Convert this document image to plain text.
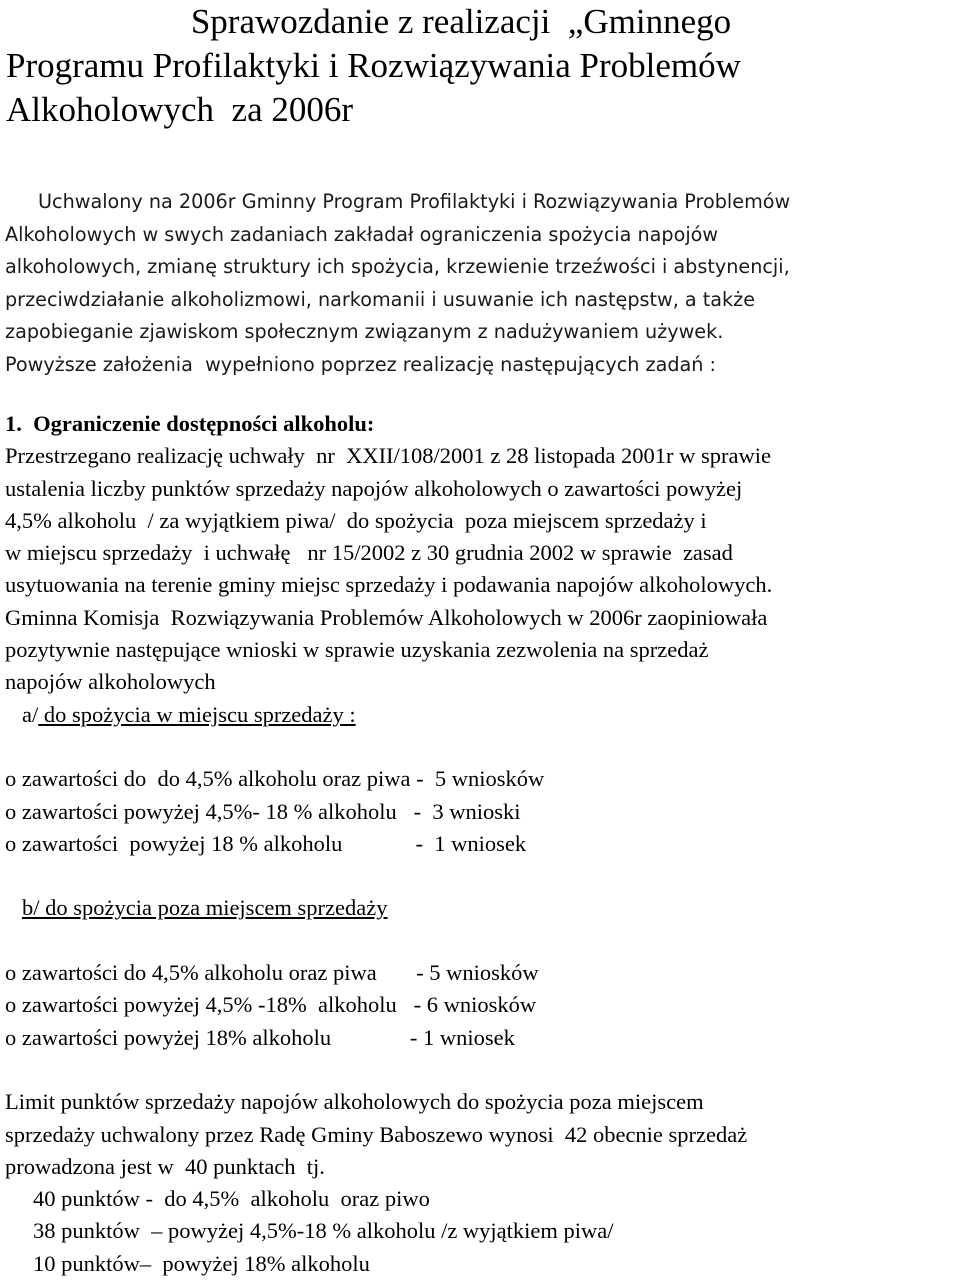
Sprawozdanie z realizacji  „Gminnego
Programu Profilaktyki i Rozwiązywania Problemów
Alkoholowych  za 2006r
Uchwalony na 2006r Gminny Program Profilaktyki i Rozwiązywania Problemów
Alkoholowych w swych zadaniach zakładał ograniczenia spożycia napojów
alkoholowych, zmianę struktury ich spożycia, krzewienie trzeźwości i abstynencji,
przeciwdziałanie alkoholizmowi, narkomanii i usuwanie ich następstw, a także
zapobieganie zjawiskom społecznym związanym z nadużywaniem używek.
Powyższe założenia  wypełniono poprzez realizację następujących zadań :
1.  Ograniczenie dostępności alkoholu:
Przestrzegano realizację uchwały  nr  XXII/108/2001 z 28 listopada 2001r w sprawie
ustalenia liczby punktów sprzedaży napojów alkoholowych o zawartości powyżej
4,5% alkoholu  / za wyjątkiem piwa/  do spożycia  poza miejscem sprzedaży i
w miejscu sprzedaży  i uchwałę   nr 15/2002 z 30 grudnia 2002 w sprawie  zasad
usytuowania na terenie gminy miejsc sprzedaży i podawania napojów alkoholowych.
Gminna Komisja  Rozwiązywania Problemów Alkoholowych w 2006r zaopiniowała
pozytywnie następujące wnioski w sprawie uzyskania zezwolenia na sprzedaż
napojów alkoholowych
a/ do spożycia w miejscu sprzedaży :
o zawartości do  do 4,5% alkoholu oraz piwa -  5 wniosków
o zawartości powyżej 4,5%- 18 % alkoholu   -  3 wnioski
o zawartości  powyżej 18 % alkoholu             -  1 wniosek
b/ do spożycia poza miejscem sprzedaży
o zawartości do 4,5% alkoholu oraz piwa       - 5 wniosków
o zawartości powyżej 4,5% -18%  alkoholu   - 6 wniosków
o zawartości powyżej 18% alkoholu              - 1 wniosek
Limit punktów sprzedaży napojów alkoholowych do spożycia poza miejscem
sprzedaży uchwalony przez Radę Gminy Baboszewo wynosi  42 obecnie sprzedaż
prowadzona jest w  40 punktach  tj.
40 punktów -  do 4,5%  alkoholu  oraz piwo
38 punktów  – powyżej 4,5%-18 % alkoholu /z wyjątkiem piwa/
10 punktów–  powyżej 18% alkoholu
